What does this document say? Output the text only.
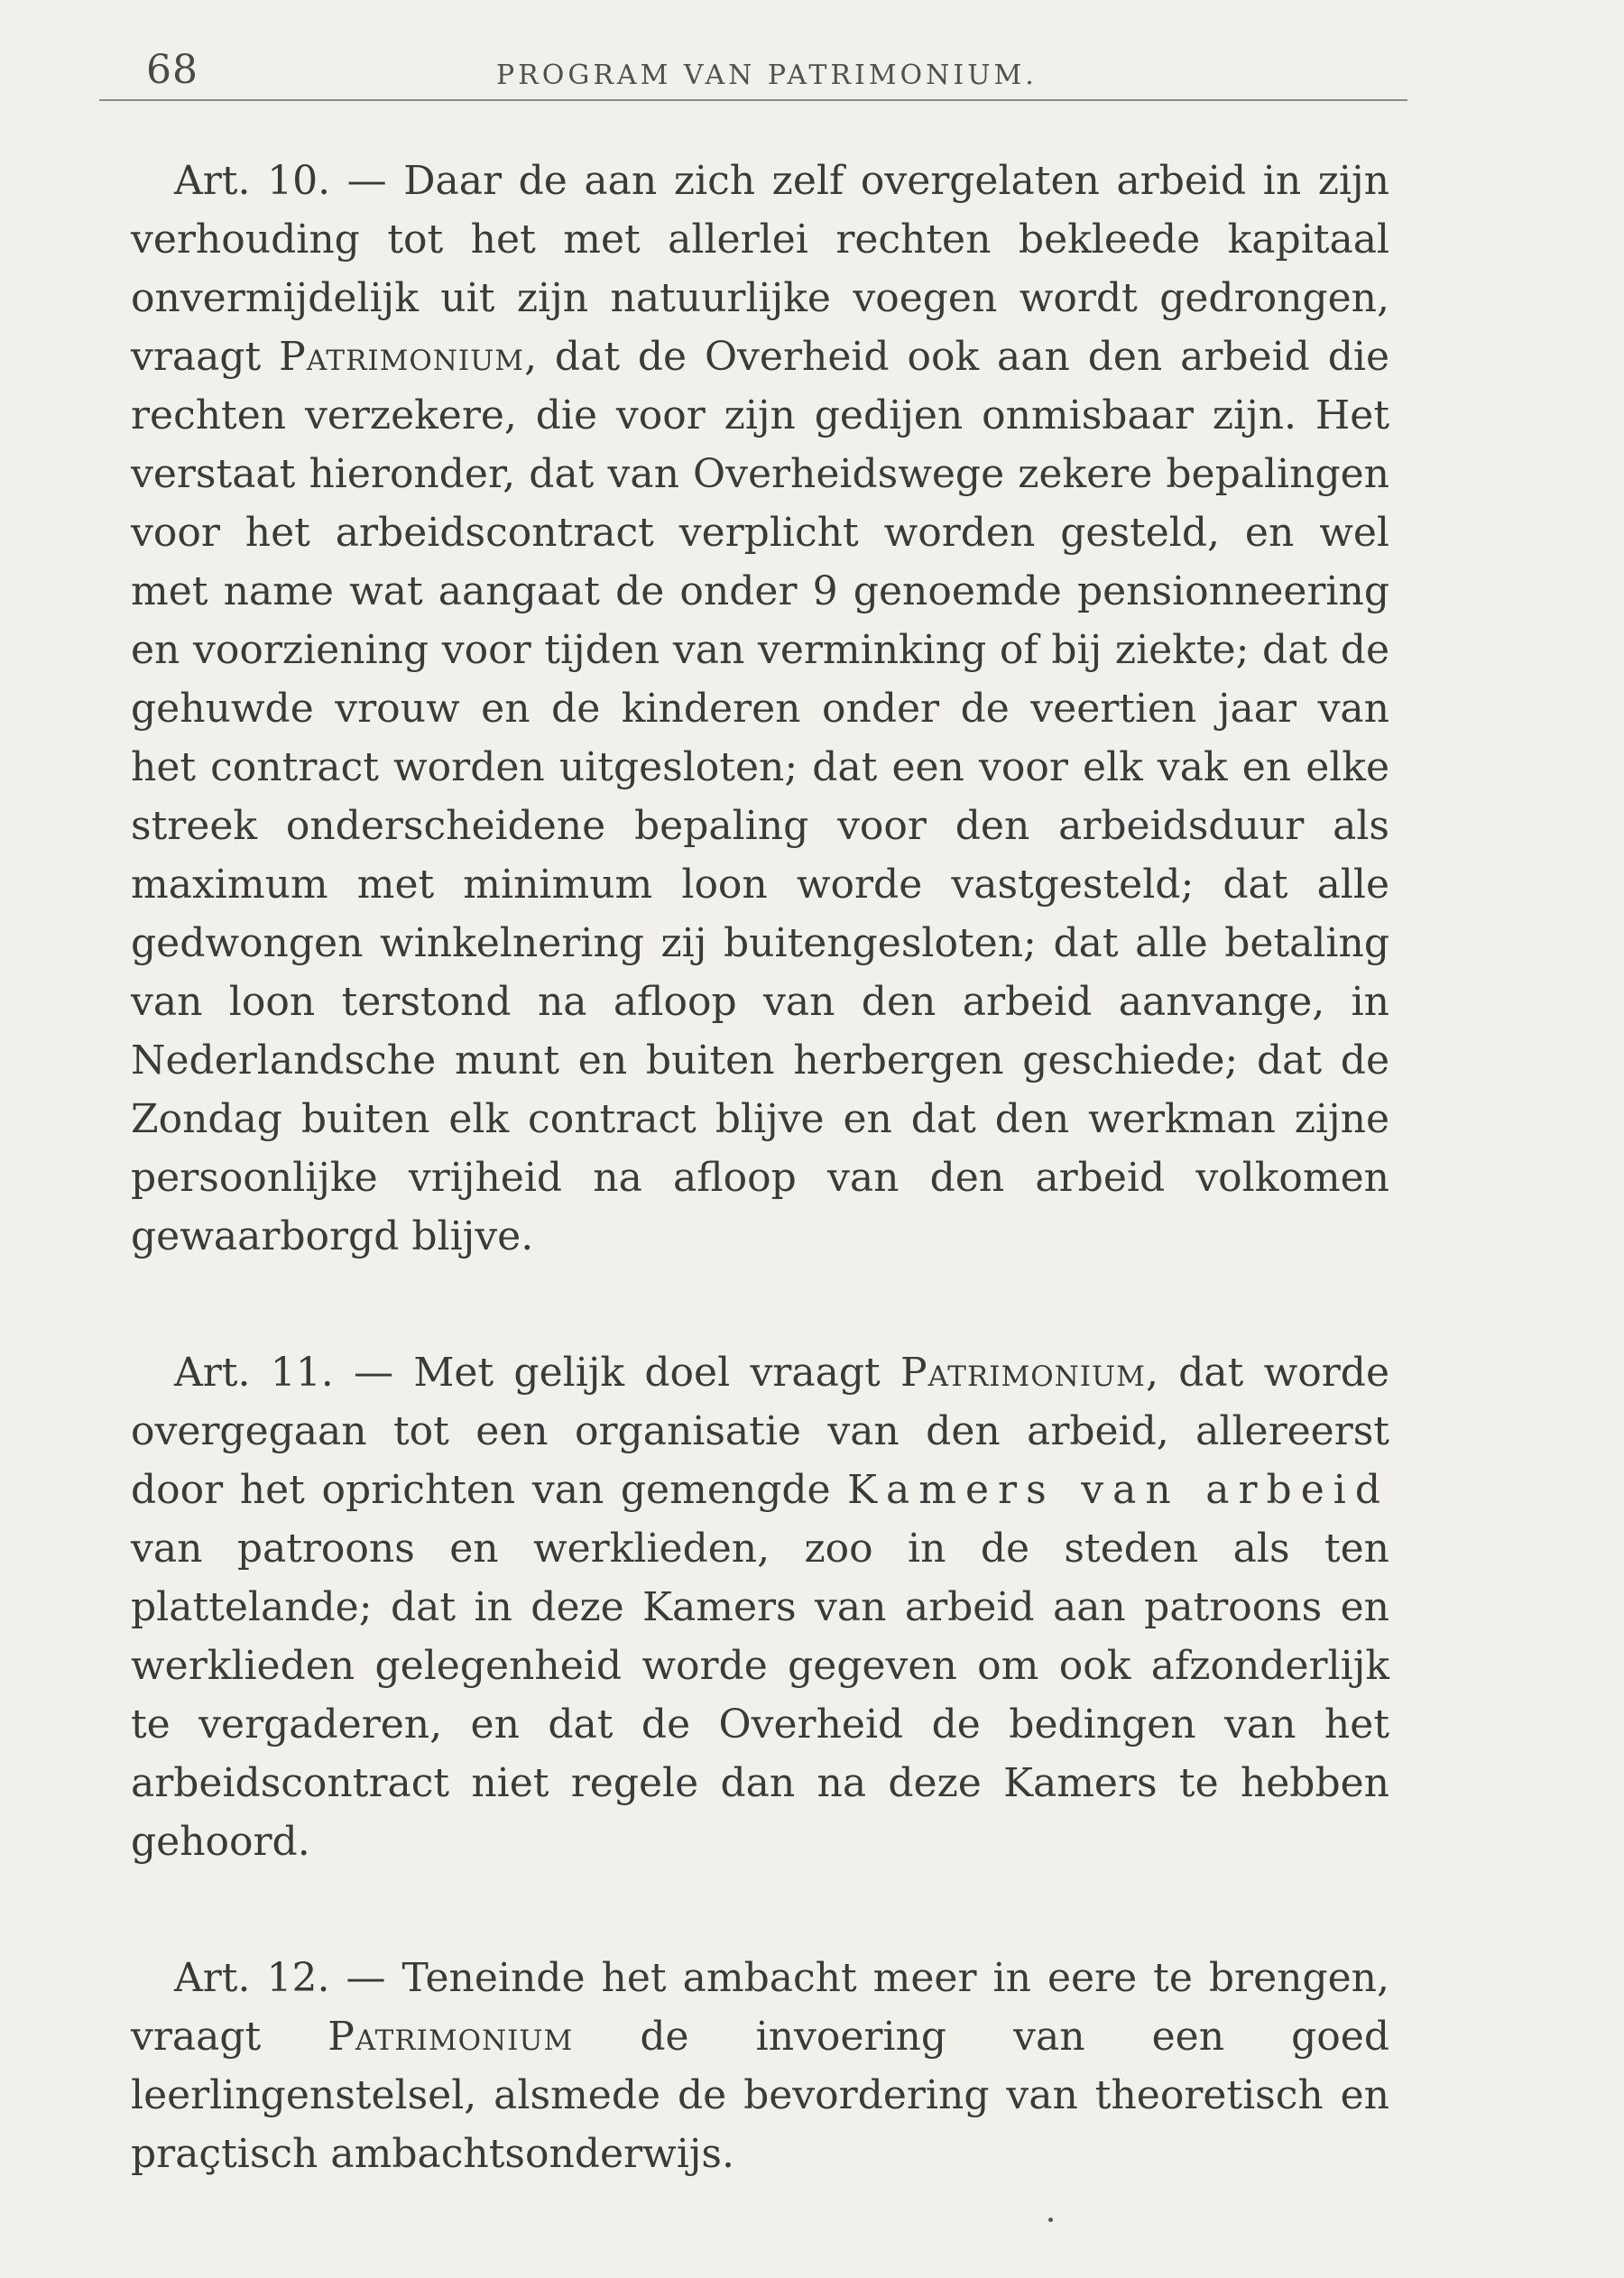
68	PROGRAM VAN PATRIMONIUM.

Art. 10. — Daar de aan zich zelf overgelaten arbeid in zijn verhouding tot het met allerlei rechten bekleede kapitaal onvermijdelijk uit zijn natuurlijke voegen wordt gedrongen, vraagt Patrimonium, dat de Overheid ook aan den arbeid die rechten verzekere, die voor zijn gedijen onmisbaar zijn. Het verstaat hieronder, dat van Overheidswege zekere bepalingen voor het arbeidscontract verplicht worden gesteld, en wel met name wat aangaat de onder 9 genoemde pensionneering en voorziening voor tijden van verminking of bij ziekte; dat de gehuwde vrouw en de kinderen onder de veertien jaar van het contract worden uitgesloten; dat een voor elk vak en elke streek onderscheidene bepaling voor den arbeidsduur als maximum met minimum loon worde vastgesteld; dat alle gedwongen winkelnering zij buitengesloten; dat alle betaling van loon terstond na afloop van den arbeid aanvange, in Nederlandsche munt en buiten herbergen geschiede; dat de Zondag buiten elk contract blijve en dat den werkman zijne persoonlijke vrijheid na afloop van den arbeid volkomen gewaarborgd blijve.

Art. 11. — Met gelijk doel vraagt Patrimonium, dat worde overgegaan tot een organisatie van den arbeid, allereerst door het oprichten van gemengde Kamers van arbeid van patroons en werklieden, zoo in de steden als ten plattelande; dat in deze Kamers van arbeid aan patroons en werklieden gelegenheid worde gegeven om ook afzonderlijk te vergaderen, en dat de Overheid de bedingen van het arbeidscontract niet regele dan na deze Kamers te hebben gehoord.

Art. 12. — Teneinde het ambacht meer in eere te brengen, vraagt Patrimonium de invoering van een goed leerlingenstelsel, alsmede de bevordering van theoretisch en praçtisch ambachtsonderwijs.
